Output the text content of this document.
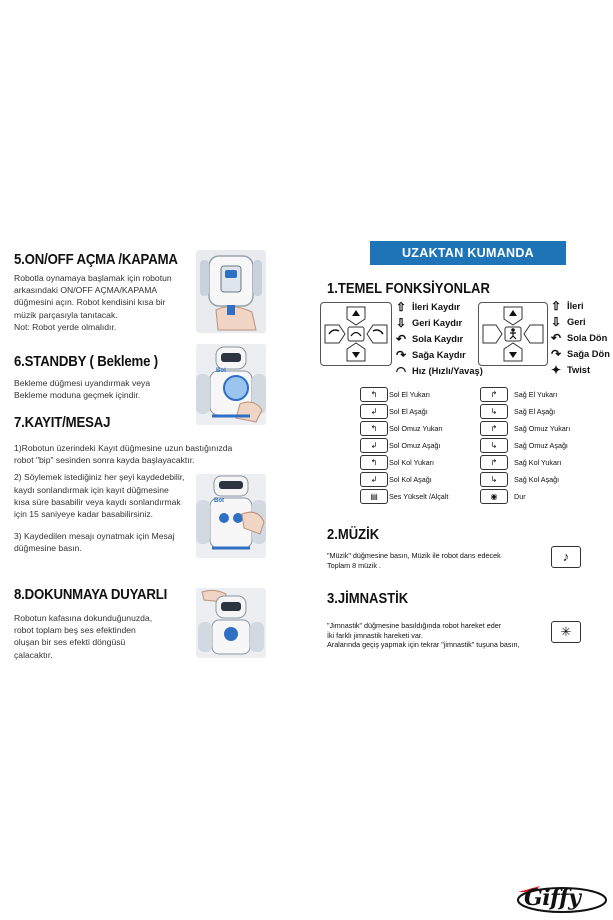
5.ON/OFF AÇMA /KAPAMA
Robotla oynamaya başlamak için robotun
arkasındaki ON/OFF AÇMA/KAPAMA
düğmesini açın. Robot kendisini kısa bir
müzik parçasıyla tanıtacak.
Not: Robot yerde olmalıdır.
6.STANDBY ( Bekleme )
Bekleme düğmesi uyandırmak veya
Bekleme moduna geçmek içindir.
Bot
7.KAYIT/MESAJ
1)Robotun üzerindeki Kayıt düğmesine uzun bastığınızda
robot "bip" sesinden sonra kayda başlayacaktır.
2) Söylemek istediğiniz her şeyi kaydedebilir,
kaydı sonlandırmak için kayıt düğmesine
kısa süre basabilir veya kaydı sonlandırmak
için 15 saniyeye kadar basabilirsiniz.
3) Kaydedilen mesajı oynatmak için Mesaj
düğmesine basın.
Bot
8.DOKUNMAYA DUYARLI
Robotun kafasına dokunduğunuzda,
robot toplam beş ses efektinden
oluşan bir ses efekti döngüsü
çalacaktır.
UZAKTAN KUMANDA
1.TEMEL FONKSİYONLAR
⇧ İleri Kaydır
⇩ Geri Kaydır
↶ Sola Kaydır
↷ Sağa Kaydır
◠ Hız (Hızlı/Yavaş)
⇧ İleri
⇩ Geri
↶ Sola Dön
↷ Sağa Dön
✦ Twist
↰	Sol El Yukarı
↲	Sol El Aşağı
↰	Sol Omuz Yukarı
↲	Sol Omuz Aşağı
↰	Sol Kol Yukarı
↲	Sol Kol Aşağı
▤	Ses Yükselt /Alçalt
↱	Sağ El Yukarı
↳	Sağ El Aşağı
↱	Sağ Omuz Yukarı
↳	Sağ Omuz Aşağı
↱	Sağ Kol Yukarı
↳	Sağ Kol Aşağı
◉	Dur
2.MÜZİK
"Müzik" düğmesine basın, Müzik ile robot dans edecek
Toplam 8 müzik .
♪
3.JİMNASTİK
"Jimnastik" düğmesine basıldığında robot hareket eder
İki farklı jimnastik hareketi var.
Aralarında geçiş yapmak için tekrar "jimnastik" tuşuna basın,
✳
Giffy
